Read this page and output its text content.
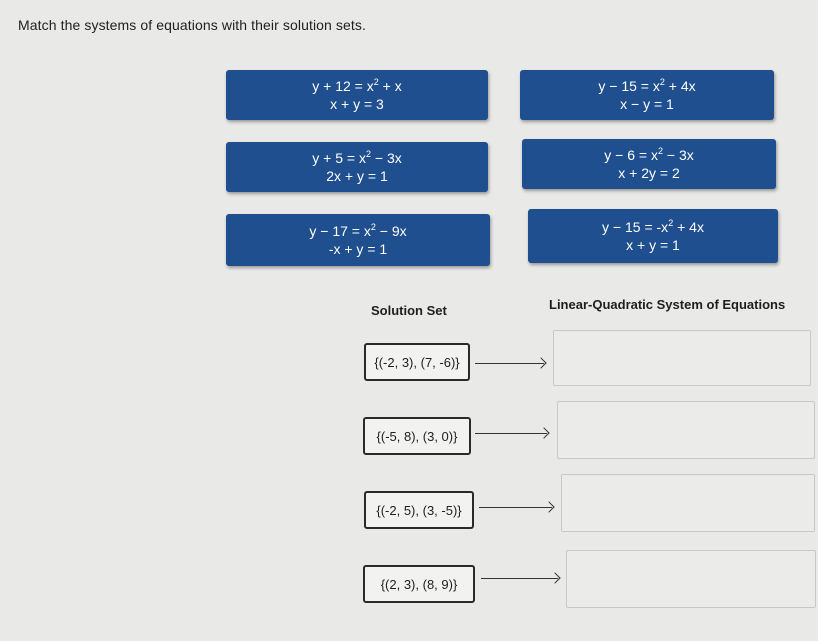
Match the systems of equations with their solution sets.
$y + 12 = x^2 + x$
x + y = 3
$y - 15 = x^2 + 4x$
x − y = 1
$y + 5 = x^2 - 3x$
2x + y = 1
$y - 6 = x^2 - 3x$
x + 2y = 2
$y - 17 = x^2 - 9x$
-x + y = 1
$y - 15 = -x^2 + 4x$
x + y = 1
Solution Set	Linear-Quadratic System of Equations
{(-2, 3), (7, -6)}
{(-5, 8), (3, 0)}
{(-2, 5), (3, -5)}
{(2, 3), (8, 9)}
